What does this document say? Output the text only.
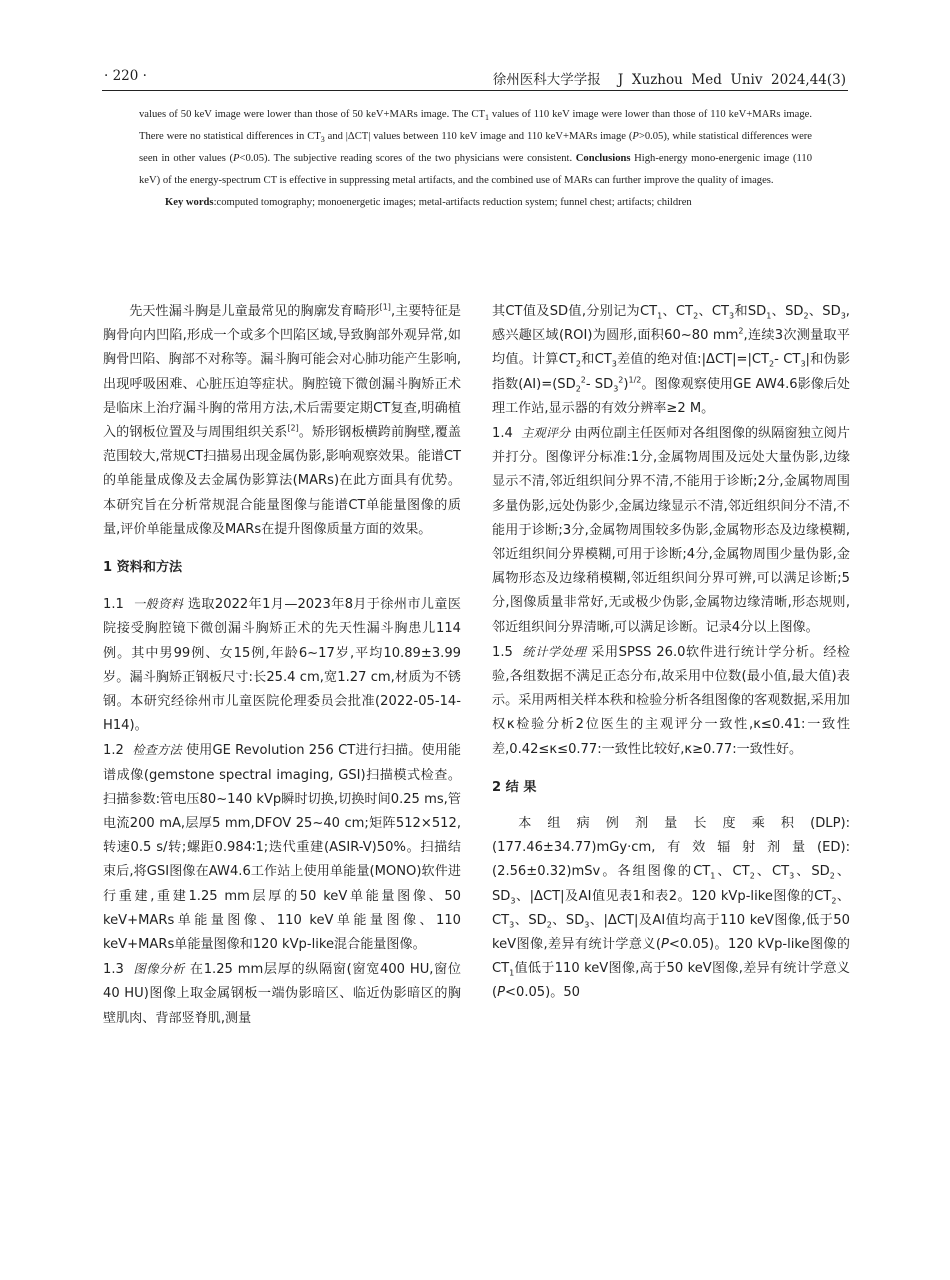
· 220 ·	徐州医科大学学报    J  Xuzhou  Med  Univ  2024,44(3)

values of 50 keV image were lower than those of 50 keV+MARs image. The $CT_1$ values of 110 keV image were lower than those of 110 keV+MARs image. There were no statistical differences in $CT_3$ and |ΔCT| values between 110 keV image and 110 keV+MARs image (P>0.05), while statistical differences were seen in other values (P<0.05). The subjective reading scores of the two physicians were consistent. Conclusions High-energy mono-energenic image (110 keV) of the energy-spectrum CT is effective in suppressing metal artifacts, and the combined use of MARs can further improve the quality of images.

Key words:computed tomography; monoenergetic images; metal-artifacts reduction system; funnel chest; artifacts; children

先天性漏斗胸是儿童最常见的胸廓发育畸形[1],主要特征是胸骨向内凹陷,形成一个或多个凹陷区域,导致胸部外观异常,如胸骨凹陷、胸部不对称等。漏斗胸可能会对心肺功能产生影响,出现呼吸困难、心脏压迫等症状。胸腔镜下微创漏斗胸矫正术是临床上治疗漏斗胸的常用方法,术后需要定期CT复查,明确植入的钢板位置及与周围组织关系[2]。矫形钢板横跨前胸壁,覆盖范围较大,常规CT扫描易出现金属伪影,影响观察效果。能谱CT的单能量成像及去金属伪影算法(MARs)在此方面具有优势。本研究旨在分析常规混合能量图像与能谱CT单能量图像的质量,评价单能量成像及MARs在提升图像质量方面的效果。

1 资料和方法

1.1 一般资料 选取2022年1月—2023年8月于徐州市儿童医院接受胸腔镜下微创漏斗胸矫正术的先天性漏斗胸患儿114例。其中男99例、女15例,年龄6~17岁,平均10.89±3.99岁。漏斗胸矫正钢板尺寸:长25.4 cm,宽1.27 cm,材质为不锈钢。本研究经徐州市儿童医院伦理委员会批准(2022-05-14-H14)。

1.2 检查方法 使用GE Revolution 256 CT进行扫描。使用能谱成像(gemstone spectral imaging, GSI)扫描模式检查。扫描参数:管电压80~140 kVp瞬时切换,切换时间0.25 ms,管电流200 mA,层厚5 mm,DFOV 25~40 cm;矩阵512×512,转速0.5 s/转;螺距0.984∶1;迭代重建(ASIR-V)50%。扫描结束后,将GSI图像在AW4.6工作站上使用单能量(MONO)软件进行重建,重建1.25 mm层厚的50 keV单能量图像、50 keV+MARs单能量图像、110 keV单能量图像、110 keV+MARs单能量图像和120 kVp-like混合能量图像。

1.3 图像分析 在1.25 mm层厚的纵隔窗(窗宽400 HU,窗位40 HU)图像上取金属钢板一端伪影暗区、临近伪影暗区的胸壁肌肉、背部竖脊肌,测量

其CT值及SD值,分别记为$CT_1$、$CT_2$、$CT_3$和$SD_1$、$SD_2$、$SD_3$,感兴趣区域(ROI)为圆形,面积60~80 $mm^2$,连续3次测量取平均值。计算$CT_2$和$CT_3$差值的绝对值$:|\Delta CT|=|CT_2-$ $CT_3|$和伪影指数$(AI)=(SD_2^2-$ $SD_3^2)^{1/2}$。图像观察使用GE AW4.6影像后处理工作站,显示器的有效分辨率≥2 M。

1.4 主观评分 由两位副主任医师对各组图像的纵隔窗独立阅片并打分。图像评分标准:1分,金属物周围及远处大量伪影,边缘显示不清,邻近组织间分界不清,不能用于诊断;2分,金属物周围多量伪影,远处伪影少,金属边缘显示不清,邻近组织间分不清,不能用于诊断;3分,金属物周围较多伪影,金属物形态及边缘模糊,邻近组织间分界模糊,可用于诊断;4分,金属物周围少量伪影,金属物形态及边缘稍模糊,邻近组织间分界可辨,可以满足诊断;5分,图像质量非常好,无或极少伪影,金属物边缘清晰,形态规则,邻近组织间分界清晰,可以满足诊断。记录4分以上图像。

1.5 统计学处理 采用SPSS 26.0软件进行统计学分析。经检验,各组数据不满足正态分布,故采用中位数(最小值,最大值)表示。采用两相关样本秩和检验分析各组图像的客观数据,采用加权κ检验分析2位医生的主观评分一致性,κ≤0.41:一致性差,0.42≤κ≤0.77:一致性比较好,κ≥0.77:一致性好。

2 结 果

本组病例剂量长度乘积(DLP):(177.46±34.77)mGy·cm,有效辐射剂量(ED):(2.56±0.32)mSv。各组图像的$CT_1$、$CT_2$、$CT_3$、$SD_2$、$SD_3$、|ΔCT|及AI值见表1和表2。120 kVp-like图像的$CT_2$、$CT_3$、$SD_2$、$SD_3$、|ΔCT|及AI值均高于110 keV图像,低于50 keV图像,差异有统计学意义(P<0.05)。120 kVp-like图像的$CT_1$值低于110 keV图像,高于50 keV图像,差异有统计学意义(P<0.05)。50
